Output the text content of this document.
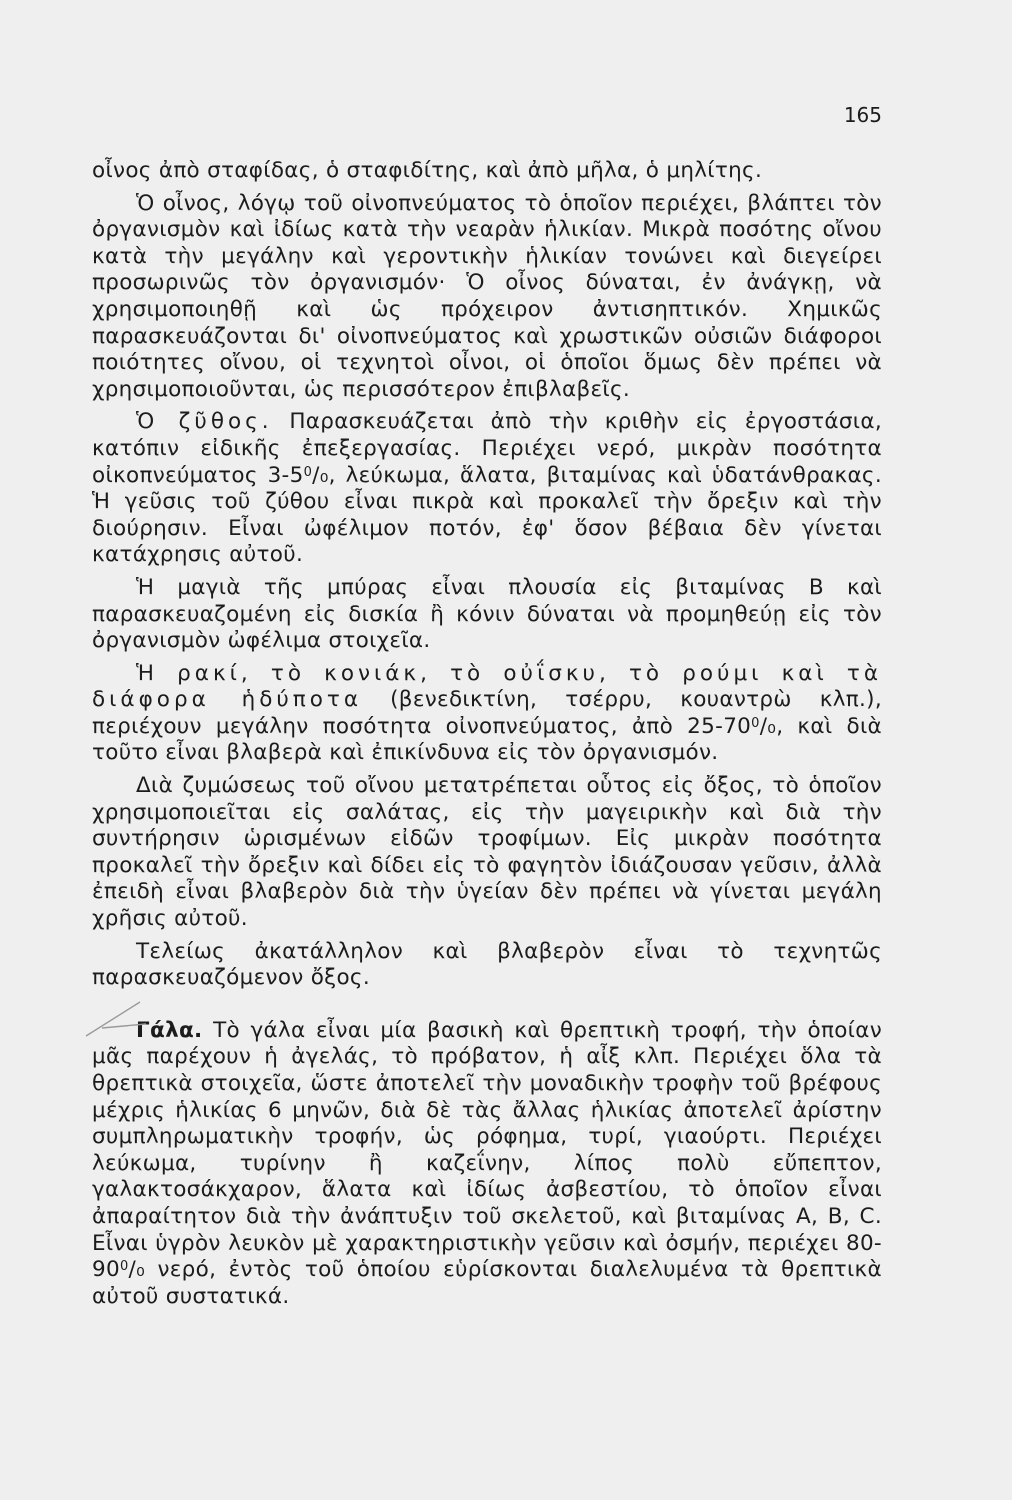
165

οἶνος ἀπὸ σταφίδας, ὁ σταφιδίτης, καὶ ἀπὸ μῆλα, ὁ μηλίτης.

Ὁ οἶνος, λόγῳ τοῦ οἰνοπνεύματος τὸ ὁποῖον περιέχει, βλάπτει τὸν ὀργανισμὸν καὶ ἰδίως κατὰ τὴν νεαρὰν ἡλικίαν. Μικρὰ ποσότης οἴνου κατὰ τὴν μεγάλην καὶ γεροντικὴν ἡλικίαν τονώνει καὶ διεγείρει προσωρινῶς τὸν ὀργανισμόν· Ὁ οἶνος δύναται, ἐν ἀνάγκῃ, νὰ χρησιμοποιηθῇ καὶ ὡς πρόχειρον ἀντισηπτικόν. Χημικῶς παρασκευάζονται δι' οἰνοπνεύματος καὶ χρωστικῶν οὐσιῶν διάφοροι ποιότητες οἴνου, οἱ τεχνητοὶ οἶνοι, οἱ ὁποῖοι ὅμως δὲν πρέπει νὰ χρησιμοποιοῦνται, ὡς περισσότερον ἐπιβλαβεῖς.

Ὁ ζῦθος. Παρασκευάζεται ἀπὸ τὴν κριθὴν εἰς ἐργοστάσια, κατόπιν εἰδικῆς ἐπεξεργασίας. Περιέχει νερό, μικρὰν ποσότητα οἰκοπνεύματος $3-5^0/_0$, λεύκωμα, ἅλατα, βιταμίνας καὶ ὑδατάνθρακας. Ἡ γεῦσις τοῦ ζύθου εἶναι πικρὰ καὶ προκαλεῖ τὴν ὄρεξιν καὶ τὴν διούρησιν. Εἶναι ὠφέλιμον ποτόν, ἐφ' ὅσον βέβαια δὲν γίνεται κατάχρησις αὐτοῦ.

Ἡ μαγιὰ τῆς μπύρας εἶναι πλουσία εἰς βιταμίνας Β καὶ παρασκευαζομένη εἰς δισκία ἢ κόνιν δύναται νὰ προμηθεύῃ εἰς τὸν ὀργανισμὸν ὠφέλιμα στοιχεῖα.

Ἡ ρακί, τὸ κονιάκ, τὸ οὐΐσκυ, τὸ ρούμι καὶ τὰ διάφορα ἡδύποτα (βενεδικτίνη, τσέρρυ, κουαντρὼ κλπ.), περιέχουν μεγάλην ποσότητα οἰνοπνεύματος, ἀπὸ $25-70^0/_0$, καὶ διὰ τοῦτο εἶναι βλαβερὰ καὶ ἐπικίνδυνα εἰς τὸν ὀργανισμόν.

Διὰ ζυμώσεως τοῦ οἴνου μετατρέπεται οὗτος εἰς ὄξος, τὸ ὁποῖον χρησιμοποιεῖται εἰς σαλάτας, εἰς τὴν μαγειρικὴν καὶ διὰ τὴν συντήρησιν ὡρισμένων εἰδῶν τροφίμων. Εἰς μικρὰν ποσότητα προκαλεῖ τὴν ὄρεξιν καὶ δίδει εἰς τὸ φαγητὸν ἰδιάζουσαν γεῦσιν, ἀλλὰ ἐπειδὴ εἶναι βλαβερὸν διὰ τὴν ὑγείαν δὲν πρέπει νὰ γίνεται μεγάλη χρῆσις αὐτοῦ.

Τελείως ἀκατάλληλον καὶ βλαβερὸν εἶναι τὸ τεχνητῶς παρασκευαζόμενον ὄξος.

Γάλα. Τὸ γάλα εἶναι μία βασικὴ καὶ θρεπτικὴ τροφή, τὴν ὁποίαν μᾶς παρέχουν ἡ ἀγελάς, τὸ πρόβατον, ἡ αἶξ κλπ. Περιέχει ὅλα τὰ θρεπτικὰ στοιχεῖα, ὥστε ἀποτελεῖ τὴν μοναδικὴν τροφὴν τοῦ βρέφους μέχρις ἡλικίας 6 μηνῶν, διὰ δὲ τὰς ἄλλας ἡλικίας ἀποτελεῖ ἀρίστην συμπληρωματικὴν τροφήν, ὡς ρόφημα, τυρί, γιαούρτι. Περιέχει λεύκωμα, τυρίνην ἢ καζεΐνην, λίπος πολὺ εὔπεπτον, γαλακτοσάκχαρον, ἅλατα καὶ ἰδίως ἀσβεστίου, τὸ ὁποῖον εἶναι ἀπαραίτητον διὰ τὴν ἀνάπτυξιν τοῦ σκελετοῦ, καὶ βιταμίνας Α, Β, C. Εἶναι ὑγρὸν λευκὸν μὲ χαρακτηριστικὴν γεῦσιν καὶ ὀσμήν, περιέχει $80-90^0/_0$ νερό, ἐντὸς τοῦ ὁποίου εὑρίσκονται διαλελυμένα τὰ θρεπτικὰ αὐτοῦ συστατικά.
